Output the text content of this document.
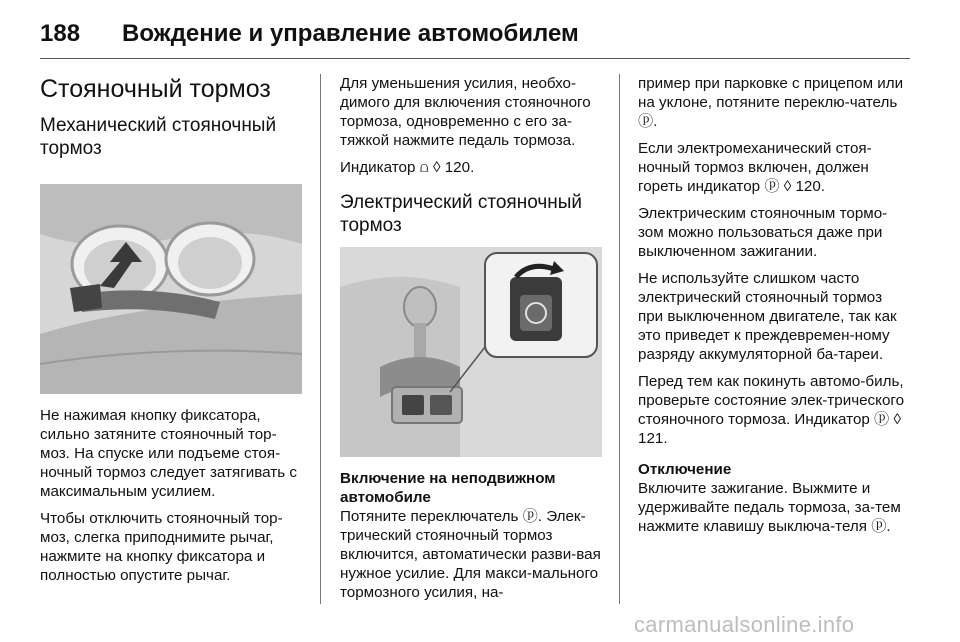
188 Вождение и управление автомобилем
Стояночный тормоз
Механический стояночный тормоз

Не нажимая кнопку фиксатора, сильно затяните стояночный тор-моз. На спуске или подъеме стоя-ночный тормоз следует затягивать с максимальным усилием.

Чтобы отключить стояночный тор-моз, слегка приподнимите рычаг, нажмите на кнопку фиксатора и полностью опустите рычаг.

Для уменьшения усилия, необхо-димого для включения стояночного тормоза, одновременно с его за-тяжкой нажмите педаль тормоза.

Индикатор ⩍ ◊ 120.

Электрический стояночный тормоз
Включение на неподвижном автомобиле

Потяните переключатель ⓟ. Элек-трический стояночный тормоз включится, автоматически разви-вая нужное усилие. Для макси-мального тормозного усилия, на-

пример при парковке с прицепом или на уклоне, потяните переклю-чатель ⓟ.

Если электромеханический стоя-ночный тормоз включен, должен гореть индикатор ⓟ ◊ 120.

Электрическим стояночным тормо-зом можно пользоваться даже при выключенном зажигании.

Не используйте слишком часто электрический стояночный тормоз при выключенном двигателе, так как это приведет к преждевремен-ному разряду аккумуляторной ба-тареи.

Перед тем как покинуть автомо-биль, проверьте состояние элек-трического стояночного тормоза. Индикатор ⓟ ◊ 121.

Отключение

Включите зажигание. Выжмите и удерживайте педаль тормоза, за-тем нажмите клавишу выключа-теля ⓟ.

carmanualsonline.info
